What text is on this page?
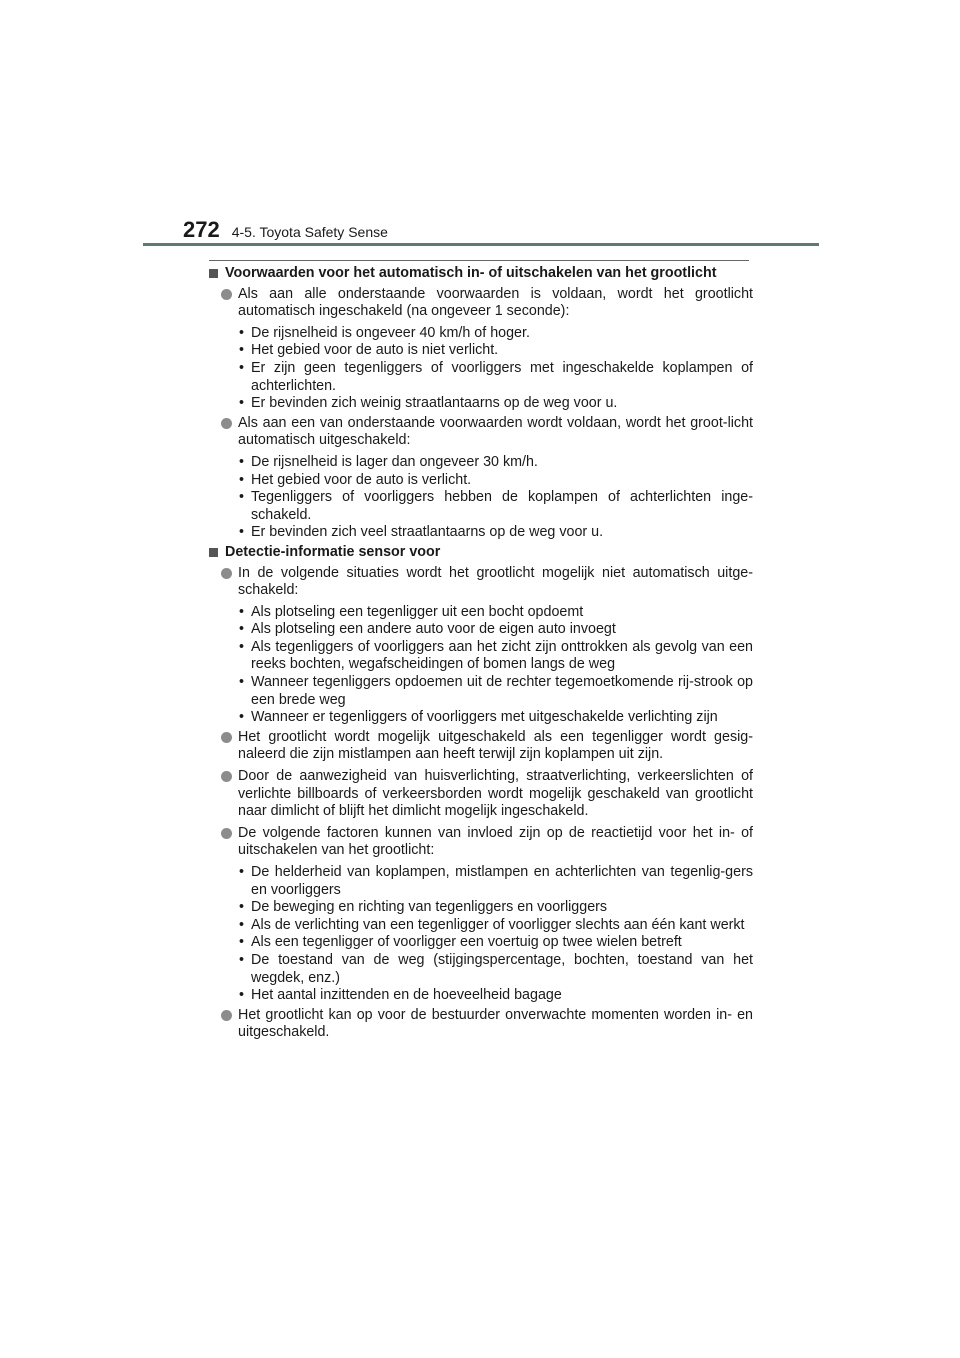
272 4-5. Toyota Safety Sense
Voorwaarden voor het automatisch in- of uitschakelen van het grootlicht
Als aan alle onderstaande voorwaarden is voldaan, wordt het grootlicht automatisch ingeschakeld (na ongeveer 1 seconde):
• De rijsnelheid is ongeveer 40 km/h of hoger.
• Het gebied voor de auto is niet verlicht.
• Er zijn geen tegenliggers of voorliggers met ingeschakelde koplampen of achterlichten.
• Er bevinden zich weinig straatlantaarns op de weg voor u.
Als aan een van onderstaande voorwaarden wordt voldaan, wordt het groot-licht automatisch uitgeschakeld:
• De rijsnelheid is lager dan ongeveer 30 km/h.
• Het gebied voor de auto is verlicht.
• Tegenliggers of voorliggers hebben de koplampen of achterlichten inge-schakeld.
• Er bevinden zich veel straatlantaarns op de weg voor u.
Detectie-informatie sensor voor
In de volgende situaties wordt het grootlicht mogelijk niet automatisch uitge-schakeld:
• Als plotseling een tegenligger uit een bocht opdoemt
• Als plotseling een andere auto voor de eigen auto invoegt
• Als tegenliggers of voorliggers aan het zicht zijn onttrokken als gevolg van een reeks bochten, wegafscheidingen of bomen langs de weg
• Wanneer tegenliggers opdoemen uit de rechter tegemoetkomende rij-strook op een brede weg
• Wanneer er tegenliggers of voorliggers met uitgeschakelde verlichting zijn
Het grootlicht wordt mogelijk uitgeschakeld als een tegenligger wordt gesig-naleerd die zijn mistlampen aan heeft terwijl zijn koplampen uit zijn.
Door de aanwezigheid van huisverlichting, straatverlichting, verkeerslichten of verlichte billboards of verkeersborden wordt mogelijk geschakeld van grootlicht naar dimlicht of blijft het dimlicht mogelijk ingeschakeld.
De volgende factoren kunnen van invloed zijn op de reactietijd voor het in- of uitschakelen van het grootlicht:
• De helderheid van koplampen, mistlampen en achterlichten van tegenlig-gers en voorliggers
• De beweging en richting van tegenliggers en voorliggers
• Als de verlichting van een tegenligger of voorligger slechts aan één kant werkt
• Als een tegenligger of voorligger een voertuig op twee wielen betreft
• De toestand van de weg (stijgingspercentage, bochten, toestand van het wegdek, enz.)
• Het aantal inzittenden en de hoeveelheid bagage
Het grootlicht kan op voor de bestuurder onverwachte momenten worden in- en uitgeschakeld.
